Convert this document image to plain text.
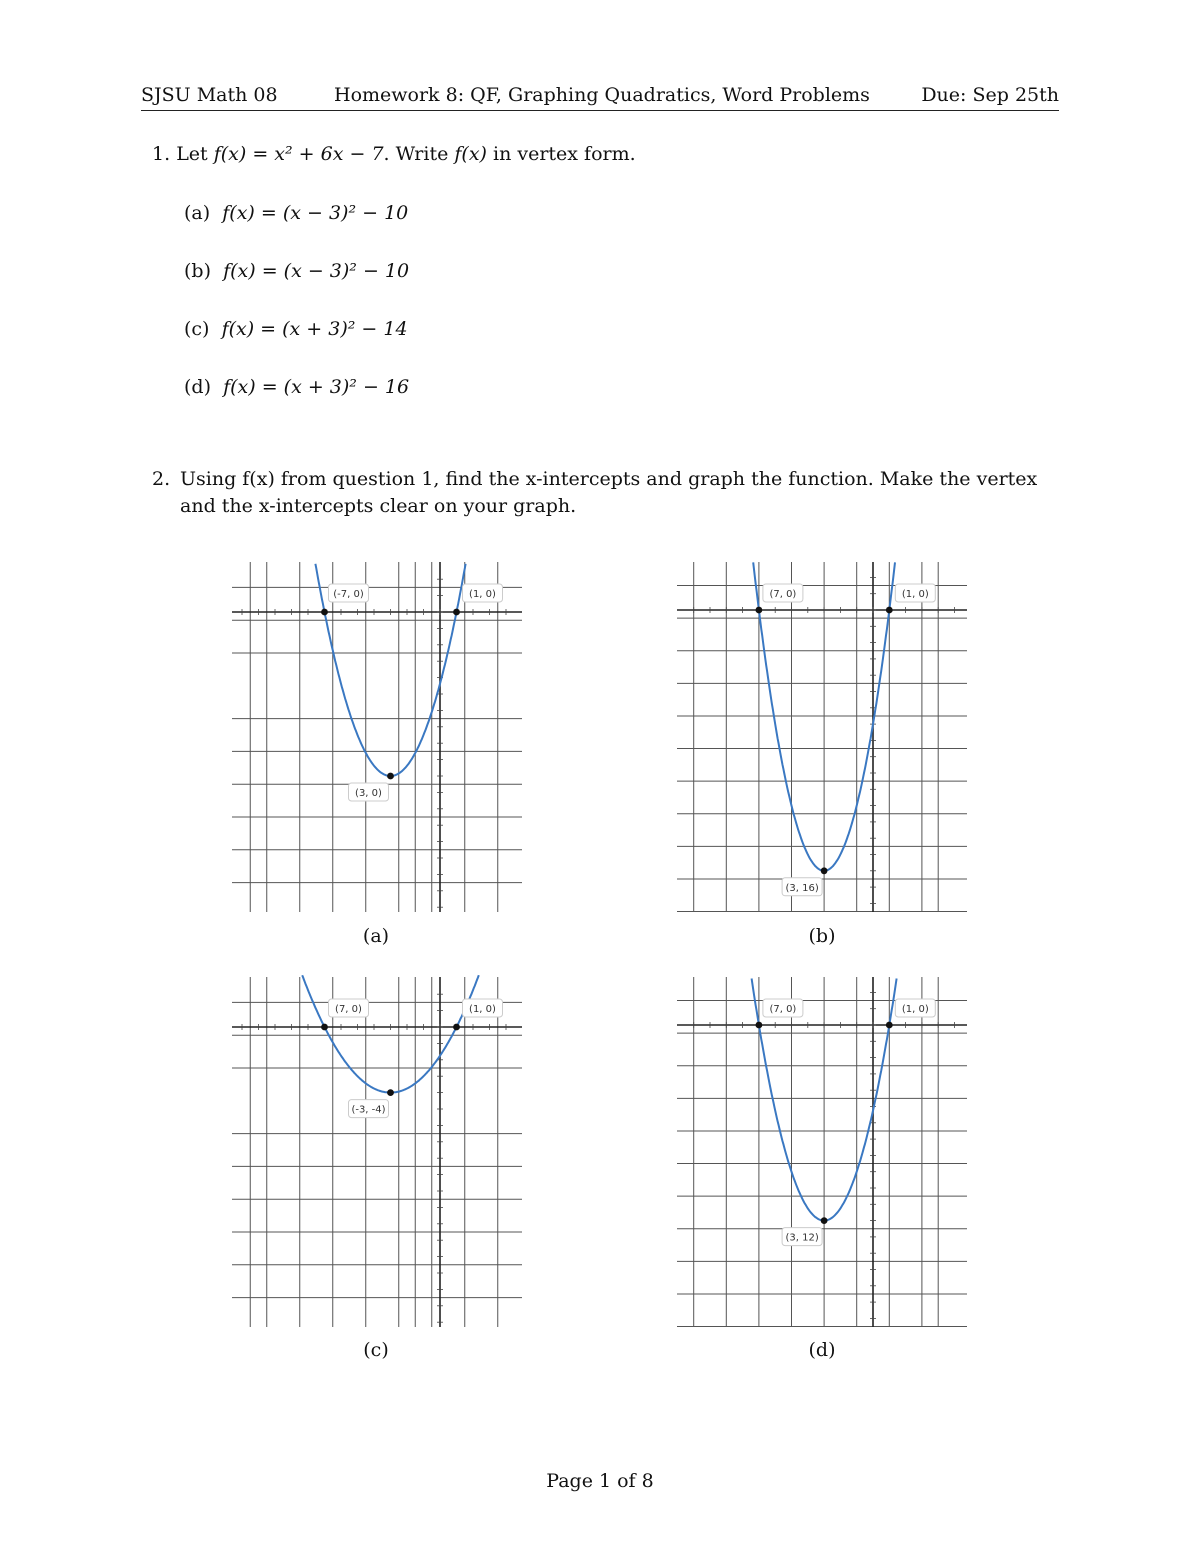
SJSU Math 08	Homework 8: QF, Graphing Quadratics, Word Problems	Due: Sep 25th
1. Let f(x) = x² + 6x − 7. Write f(x) in vertex form.
(a) f(x) = (x − 3)² − 10
(b) f(x) = (x − 3)² − 10
(c) f(x) = (x + 3)² − 14
(d) f(x) = (x + 3)² − 16
2. Using f(x) from question 1, find the x-intercepts and graph the function. Make the vertex and the x-intercepts clear on your graph.
(-7, 0)	(1, 0)
(3, 0)
(7, 0)	(1, 0)
(3, 16)
(7, 0)	(1, 0)
(-3, -4)
(7, 0)	(1, 0)
(3, 12)
(a)	(b)
(c)	(d)
Page 1 of 8
